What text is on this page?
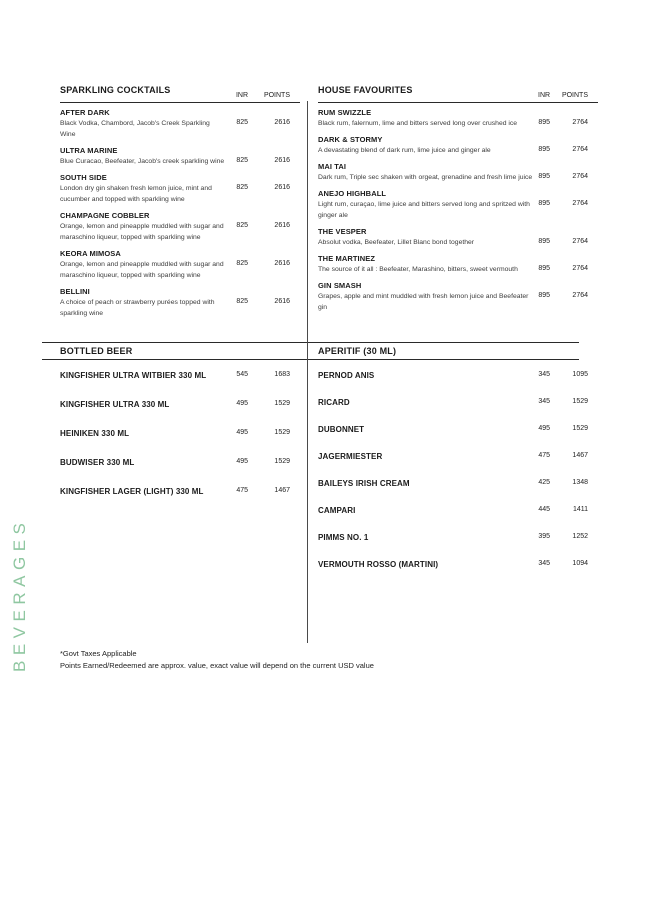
SPARKLING COCKTAILS
INR	POINTS
AFTER DARK
Black Vodka, Chambord, Jacob's Creek Sparkling Wine
825	2616
ULTRA MARINE
Blue Curacao, Beefeater, Jacob's creek sparkling wine	825	2616
SOUTH SIDE
London dry gin shaken fresh lemon juice, mint and cucumber and topped with sparkling wine
825	2616
CHAMPAGNE COBBLER
Orange, lemon and pineapple muddled with sugar and maraschino liqueur, topped with sparkling wine
825	2616
KEORA MIMOSA
Orange, lemon and pineapple muddled with sugar and maraschino liqueur, topped with sparkling wine
825	2616
BELLINI
A choice of peach or strawberry purées topped with sparkling wine
825	2616
HOUSE FAVOURITES
INR	POINTS
RUM SWIZZLE
Black rum, falernum, lime and bitters served long over crushed ice	895	2764
DARK & STORMY
A devastating blend of dark rum, lime juice and ginger ale	895	2764
MAI TAI
Dark rum, Triple sec shaken with orgeat, grenadine and fresh lime juice 895	2764
ANEJO HIGHBALL
Light rum, curaçao, lime juice and bitters served long and spritzed with ginger ale
895	2764
THE VESPER
Absolut vodka, Beefeater, Lillet Blanc bond together	895	2764
THE MARTINEZ
The source of it all : Beefeater, Marashino, bitters, sweet vermouth	895	2764
GIN SMASH
Grapes, apple and mint muddled with fresh lemon juice and Beefeater gin
895	2764
BOTTLED BEER	APERITIF (30 ML)
KINGFISHER ULTRA WITBIER 330 ML	545	1683
KINGFISHER ULTRA 330 ML	495	1529
HEINIKEN 330 ML	495	1529
BUDWISER 330 ML	495	1529
KINGFISHER LAGER (LIGHT) 330 ML	475	1467
PERNOD ANIS	345	1095
RICARD	345	1529
DUBONNET	495	1529
JAGERMIESTER	475	1467
BAILEYS IRISH CREAM	425	1348
CAMPARI	445	1411
PIMMS NO. 1	395	1252
VERMOUTH ROSSO (MARTINI)	345	1094
BEVERAGES	*Govt Taxes Applicable
Points Earned/Redeemed are approx. value, exact value will depend on the current USD value
